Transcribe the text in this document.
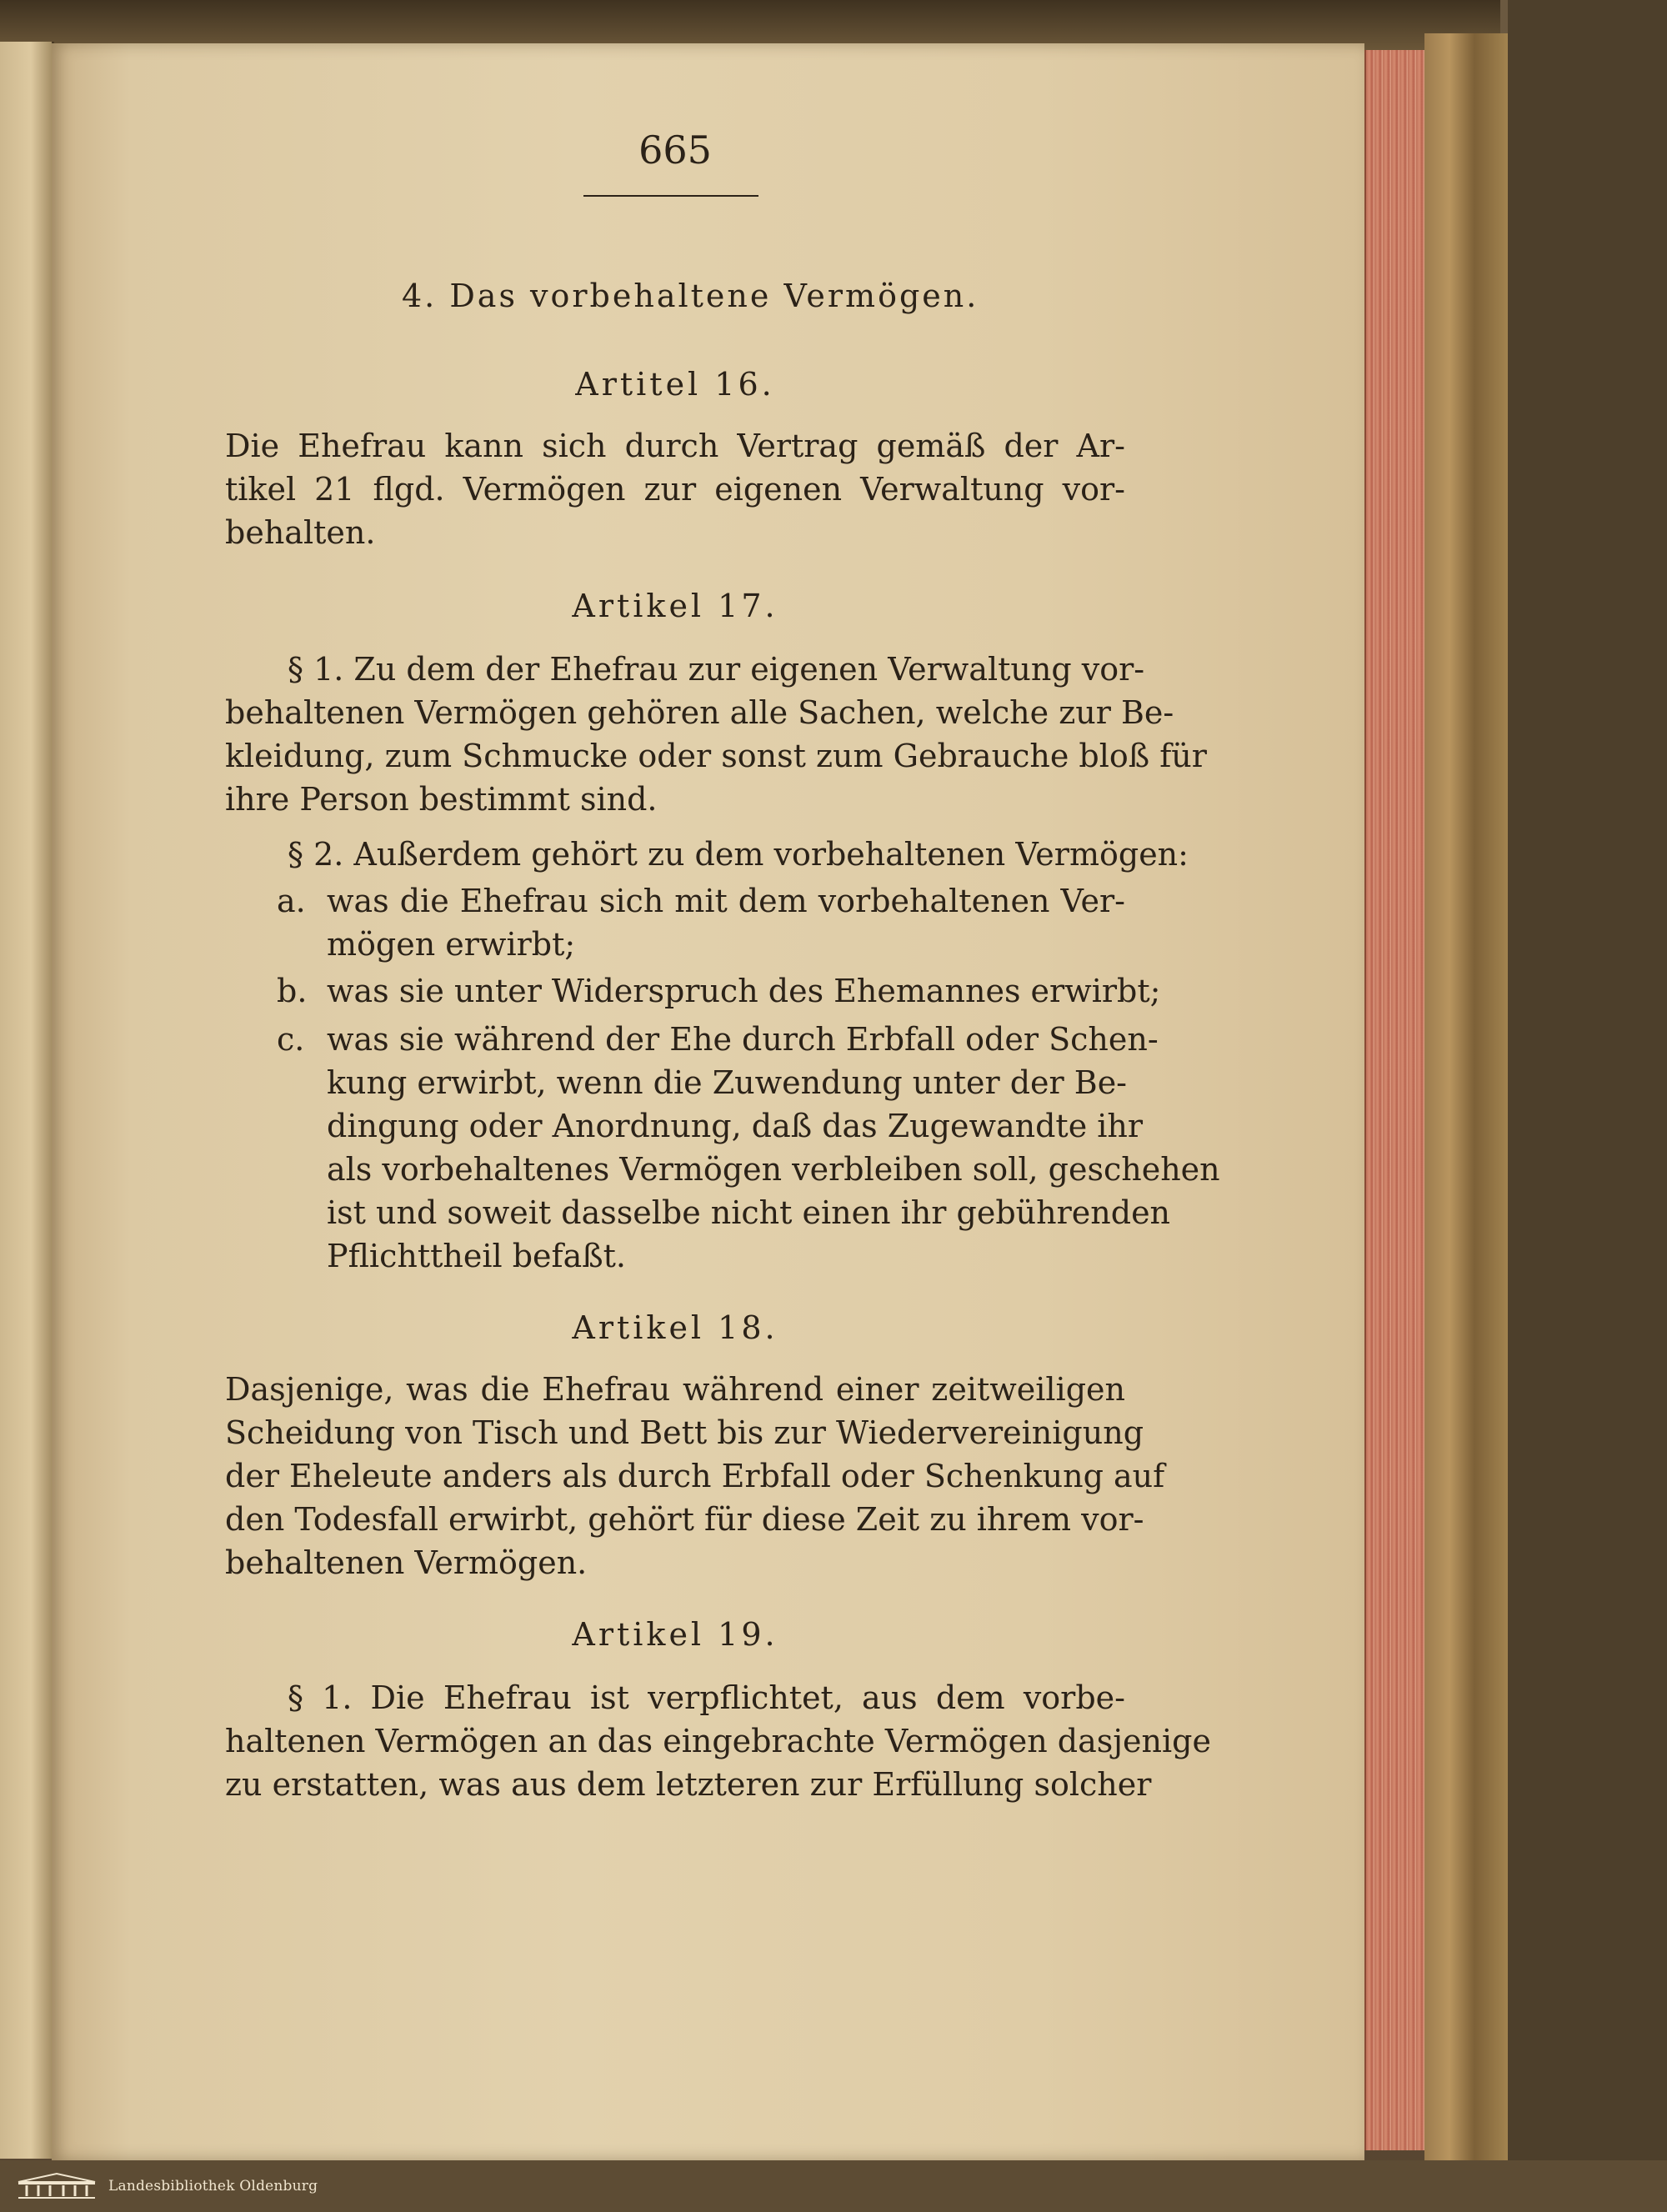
665
4. Das vorbehaltene Vermögen.
Artitel 16.
Die Ehefrau kann sich durch Vertrag gemäß der Ar-
tikel 21 flgd. Vermögen zur eigenen Verwaltung vor-
behalten.
Artikel 17.
§ 1. Zu dem der Ehefrau zur eigenen Verwaltung vor-
behaltenen Vermögen gehören alle Sachen, welche zur Be-
kleidung, zum Schmucke oder sonst zum Gebrauche bloß für
ihre Person bestimmt sind.
§ 2. Außerdem gehört zu dem vorbehaltenen Vermögen:
a. was die Ehefrau sich mit dem vorbehaltenen Ver-
mögen erwirbt;
b. was sie unter Widerspruch des Ehemannes erwirbt;
c. was sie während der Ehe durch Erbfall oder Schen-
kung erwirbt, wenn die Zuwendung unter der Be-
dingung oder Anordnung, daß das Zugewandte ihr
als vorbehaltenes Vermögen verbleiben soll, geschehen
ist und soweit dasselbe nicht einen ihr gebührenden
Pflichttheil befaßt.
Artikel 18.
Dasjenige, was die Ehefrau während einer zeitweiligen
Scheidung von Tisch und Bett bis zur Wiedervereinigung
der Eheleute anders als durch Erbfall oder Schenkung auf
den Todesfall erwirbt, gehört für diese Zeit zu ihrem vor-
behaltenen Vermögen.
Artikel 19.
§ 1. Die Ehefrau ist verpflichtet, aus dem vorbe-
haltenen Vermögen an das eingebrachte Vermögen dasjenige
zu erstatten, was aus dem letzteren zur Erfüllung solcher
Landesbibliothek Oldenburg
